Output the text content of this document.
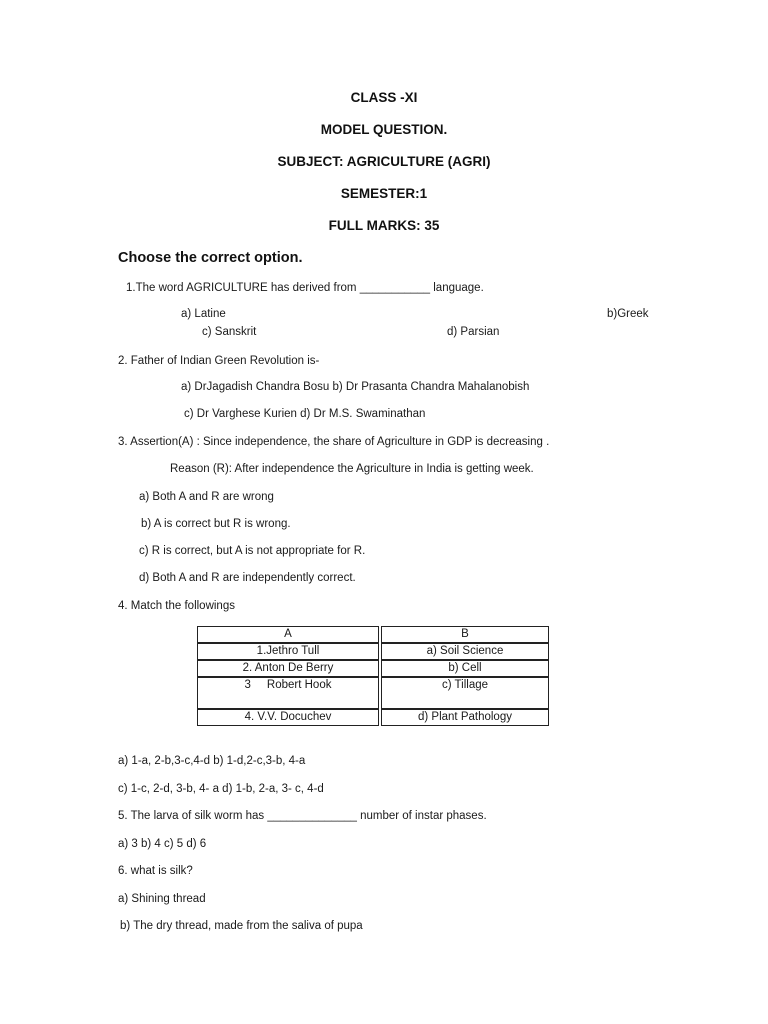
CLASS -XI
MODEL QUESTION.
SUBJECT: AGRICULTURE (AGRI)
SEMESTER:1
FULL MARKS: 35
Choose the correct option.
1.The word AGRICULTURE has derived from ___________ language.
a) Latine	b)Greek
c) Sanskrit	d) Parsian
2. Father of Indian Green Revolution is-
a) DrJagadish Chandra Bosu b) Dr Prasanta Chandra Mahalanobish
c) Dr Varghese Kurien d) Dr M.S. Swaminathan
3. Assertion(A) : Since independence, the share of Agriculture in GDP is decreasing .
Reason (R): After independence the Agriculture in India is getting week.
a) Both A and R are wrong
b) A is correct but R is wrong.
c) R is correct, but A is not appropriate for R.
d) Both A and R are independently correct.
4. Match the followings
A	B
1.Jethro Tull	a) Soil Science
2. Anton De Berry	b) Cell
3     Robert Hook	c) Tillage
4. V.V. Docuchev	d) Plant Pathology
a) 1-a, 2-b,3-c,4-d b) 1-d,2-c,3-b, 4-a
c) 1-c, 2-d, 3-b, 4- a d) 1-b, 2-a, 3- c, 4-d
5. The larva of silk worm has ______________ number of instar phases.
a) 3 b) 4 c) 5 d) 6
6. what is silk?
a) Shining thread
b) The dry thread, made from the saliva of pupa
